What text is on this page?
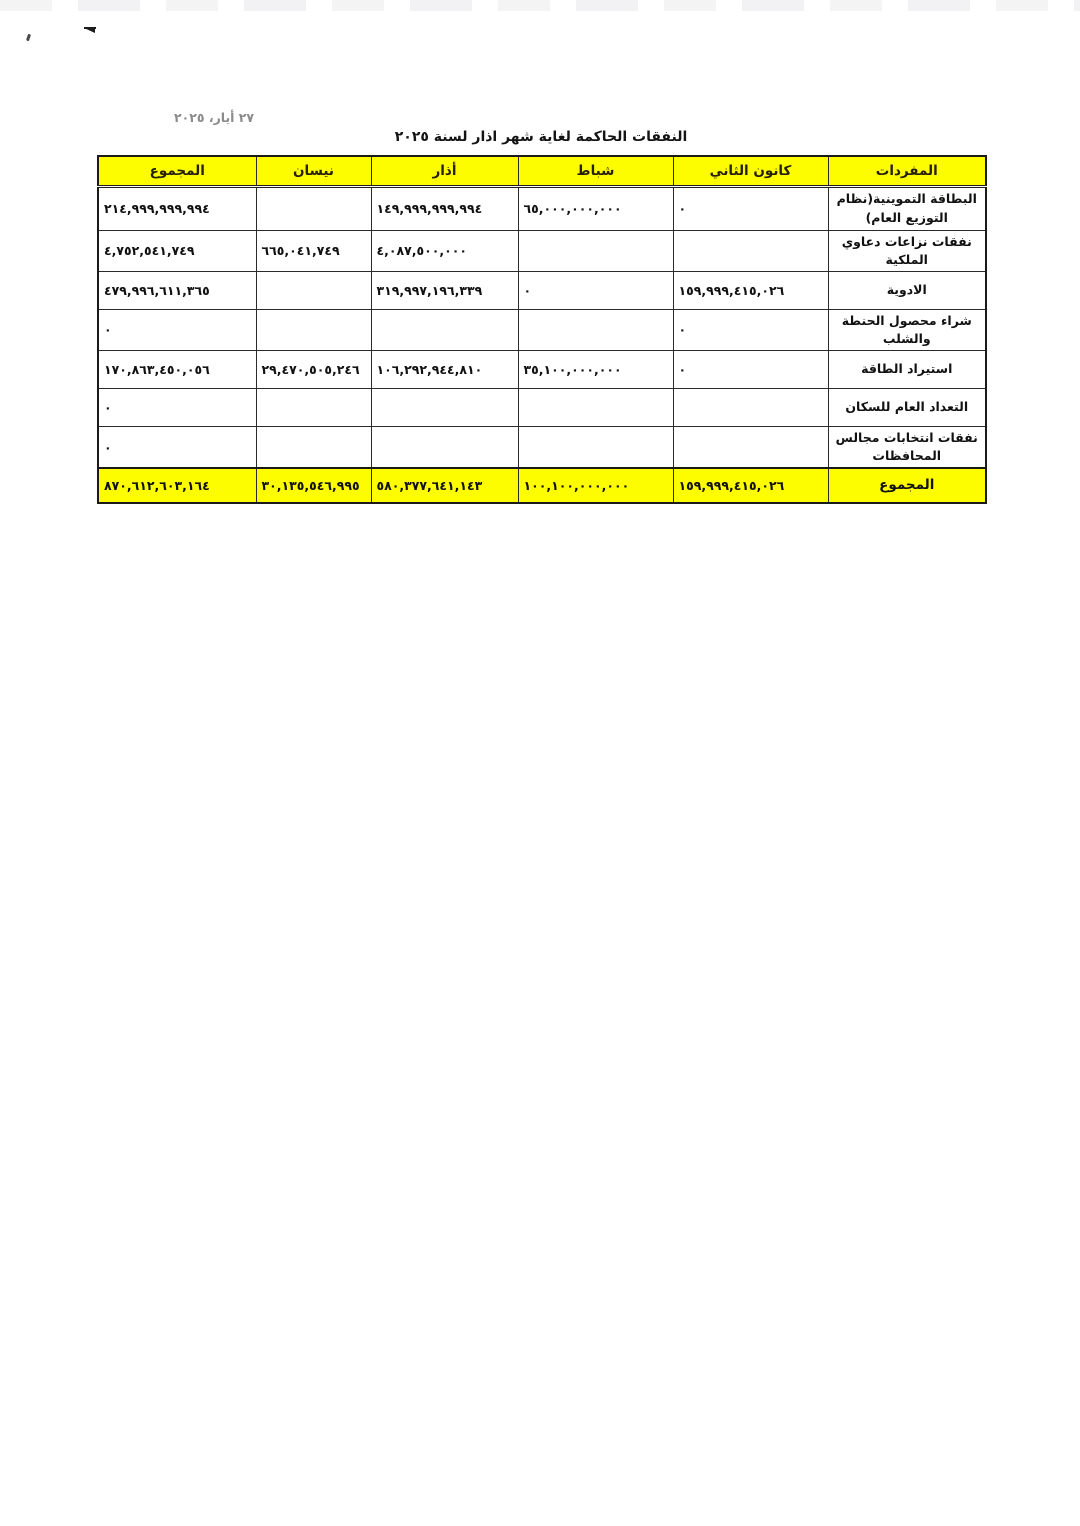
٢٧ أيار، ٢٠٢٥
النفقات الحاكمة لغاية شهر اذار لسنة ٢٠٢٥
المفردات	كانون الثاني	شباط	أذار	نيسان	المجموع
البطاقة التموينية(نظام التوزيع العام)	٠	٦٥,٠٠٠,٠٠٠,٠٠٠	١٤٩,٩٩٩,٩٩٩,٩٩٤		٢١٤,٩٩٩,٩٩٩,٩٩٤
نفقات نزاعات دعاوي الملكية			٤,٠٨٧,٥٠٠,٠٠٠	٦٦٥,٠٤١,٧٤٩	٤,٧٥٢,٥٤١,٧٤٩
الادوية	١٥٩,٩٩٩,٤١٥,٠٢٦	٠	٣١٩,٩٩٧,١٩٦,٣٣٩		٤٧٩,٩٩٦,٦١١,٣٦٥
شراء محصول الحنطة والشلب	٠				٠
استيراد الطاقة	٠	٣٥,١٠٠,٠٠٠,٠٠٠	١٠٦,٢٩٢,٩٤٤,٨١٠	٢٩,٤٧٠,٥٠٥,٢٤٦	١٧٠,٨٦٣,٤٥٠,٠٥٦
التعداد العام للسكان					٠
نفقات انتخابات مجالس المحافظات					٠
المجموع	١٥٩,٩٩٩,٤١٥,٠٢٦	١٠٠,١٠٠,٠٠٠,٠٠٠	٥٨٠,٣٧٧,٦٤١,١٤٣	٣٠,١٣٥,٥٤٦,٩٩٥	٨٧٠,٦١٢,٦٠٣,١٦٤
